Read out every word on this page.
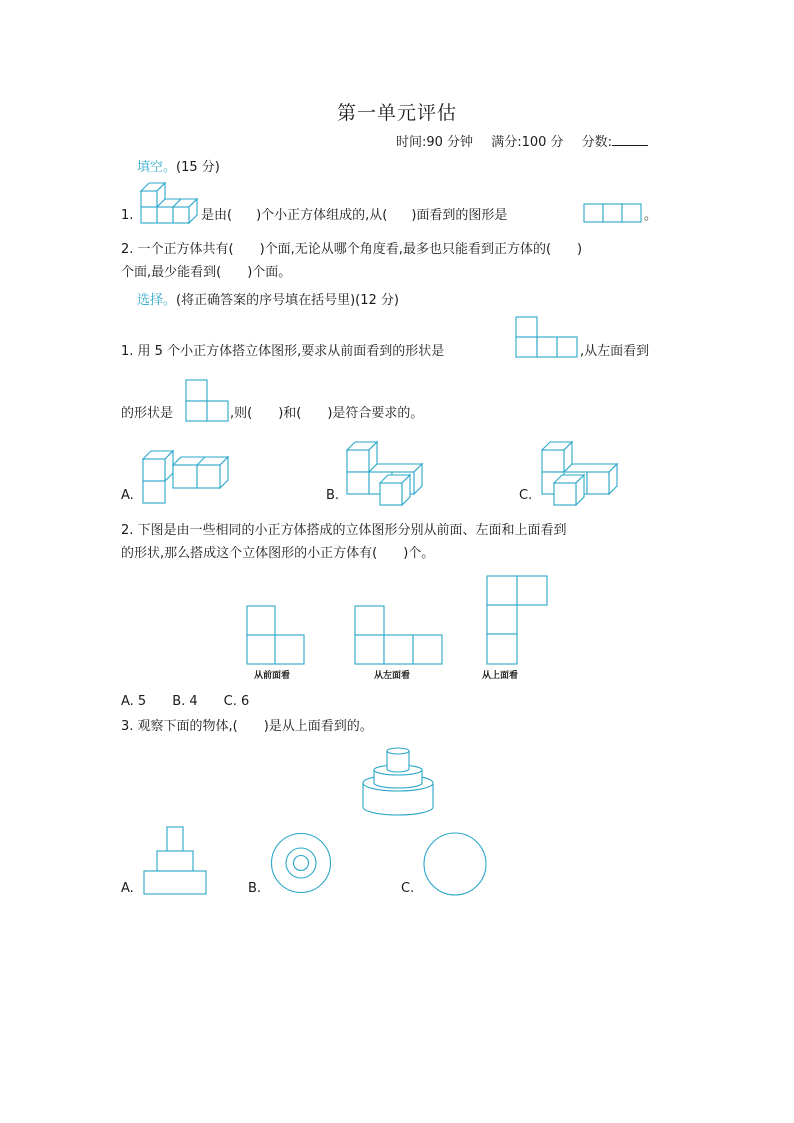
第一单元评估
时间:90 分钟 满分:100 分 分数:
填空。(15 分)
1.	是由( )个小正方体组成的,从( )面看到的图形是	。
2. 一个正方体共有(　　)个面,无论从哪个角度看,最多也只能看到正方体的(　　)
个面,最少能看到(　　)个面。
选择。(将正确答案的序号填在括号里)(12 分)
1. 用 5 个小正方体搭立体图形,要求从前面看到的形状是	,从左面看到
的形状是	,则(　　)和(　　)是符合要求的。
A.	B.	C.
2. 下图是由一些相同的小正方体搭成的立体图形分别从前面、左面和上面看到
的形状,那么搭成这个立体图形的小正方体有(　　)个。
从前面看	从左面看	从上面看
A. 5　　B. 4　　C. 6
3. 观察下面的物体,(　　)是从上面看到的。
A.	B.	C.
